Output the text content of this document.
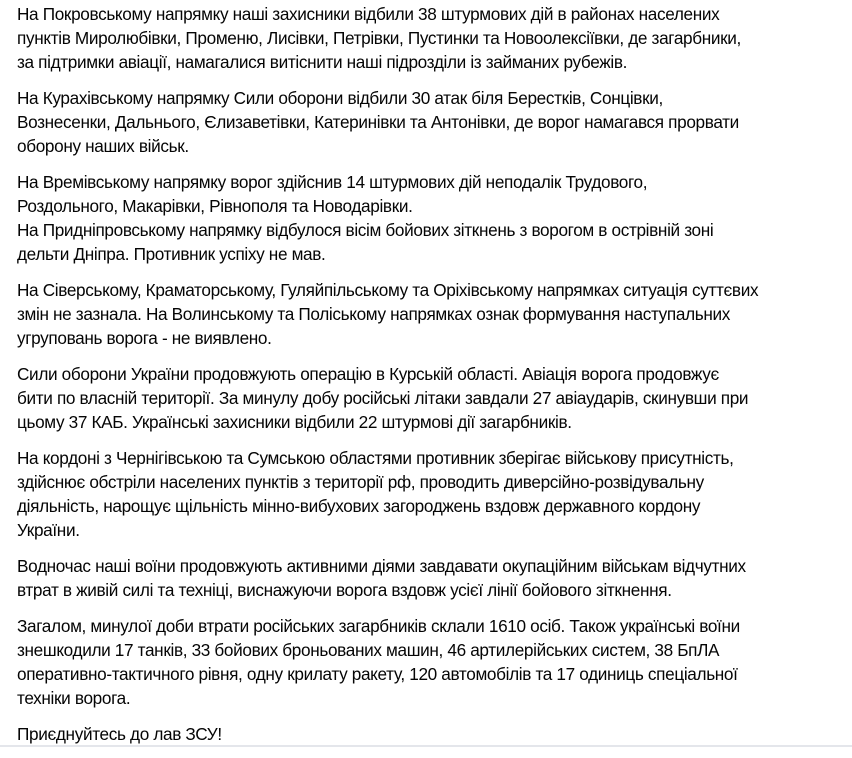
На Покровському напрямку наші захисники відбили 38 штурмових дій в районах населених
пунктів Миролюбівки, Променю, Лисівки, Петрівки, Пустинки та Новоолексіївки, де загарбники,
за підтримки авіації, намагалися витіснити наші підрозділи із займаних рубежів.

На Курахівському напрямку Сили оборони відбили 30 атак біля Берестків, Сонцівки,
Вознесенки, Дальнього, Єлизаветівки, Катеринівки та Антонівки, де ворог намагався прорвати
оборону наших військ.

На Времівському напрямку ворог здійснив 14 штурмових дій неподалік Трудового,
Роздольного, Макарівки, Рівнополя та Новодарівки.
На Придніпровському напрямку відбулося вісім бойових зіткнень з ворогом в острівній зоні
дельти Дніпра. Противник успіху не мав.

На Сіверському, Краматорському, Гуляйпільському та Оріхівському напрямках ситуація суттєвих
змін не зазнала. На Волинському та Поліському напрямках ознак формування наступальних
угруповань ворога - не виявлено.

Сили оборони України продовжують операцію в Курській області. Авіація ворога продовжує
бити по власній території. За минулу добу російські літаки завдали 27 авіаударів, скинувши при
цьому 37 КАБ. Українські захисники відбили 22 штурмові дії загарбників.

На кордоні з Чернігівською та Сумською областями противник зберігає військову присутність,
здійснює обстріли населених пунктів з території рф, проводить диверсійно-розвідувальну
діяльність, нарощує щільність мінно-вибухових загороджень вздовж державного кордону
України.

Водночас наші воїни продовжують активними діями завдавати окупаційним військам відчутних
втрат в живій силі та техніці, виснажуючи ворога вздовж усієї лінії бойового зіткнення.

Загалом, минулої доби втрати російських загарбників склали 1610 осіб. Також українські воїни
знешкодили 17 танків, 33 бойових броньованих машин, 46 артилерійських систем, 38 БпЛА
оперативно-тактичного рівня, одну крилату ракету, 120 автомобілів та 17 одиниць спеціальної
техніки ворога.

Приєднуйтесь до лав ЗСУ!
